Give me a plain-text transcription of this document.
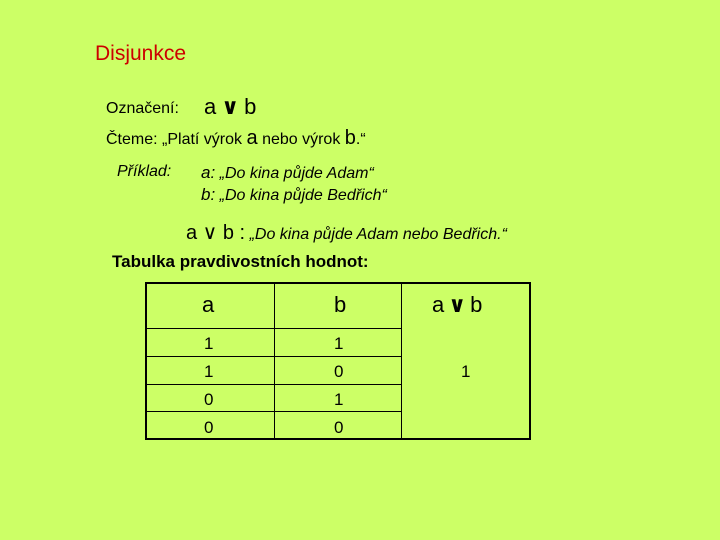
Disjunkce
Označení: a ∨ b
Čteme: „Platí výrok a nebo výrok b.“
Příklad: a: „Do kina půjde Adam“
b: „Do kina půjde Bedřich“
a ∨ b : „Do kina půjde Adam nebo Bedřich.“
Tabulka pravdivostních hodnot:
a	b	a ∨ b
1	1
1	0	1
0	1
0	0
